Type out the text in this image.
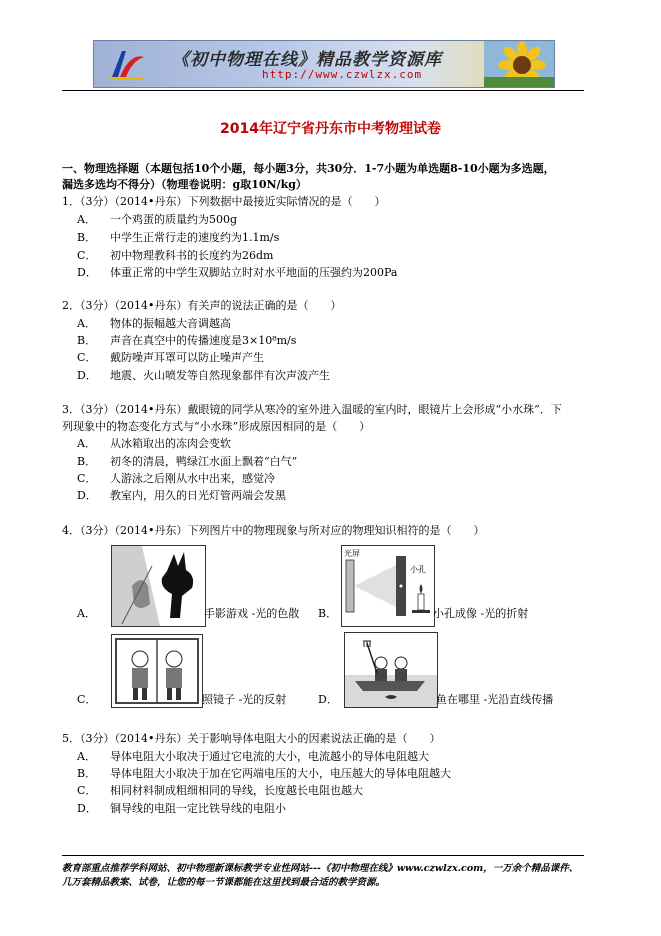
《初中物理在线》精品教学资源库
http://www.czwlzx.com
2014年辽宁省丹东市中考物理试卷
一、物理选择题（本题包括10个小题，每小题3分，共30分．1-7小题为单选题8-10小题为多选题，
漏选多选均不得分）（物理卷说明：g取10N/kg）
1．（3分）（2014•丹东）下列数据中最接近实际情况的是（　　）
A． 一个鸡蛋的质量约为500g
B． 中学生正常行走的速度约为1.1m/s
C． 初中物理教科书的长度约为26dm
D． 体重正常的中学生双脚站立时对水平地面的压强约为200Pa
2．（3分）（2014•丹东）有关声的说法正确的是（　　）
A． 物体的振幅越大音调越高
B． 声音在真空中的传播速度是3×10⁸m/s
C． 戴防噪声耳罩可以防止噪声产生
D． 地震、火山喷发等自然现象都伴有次声波产生
3．（3分）（2014•丹东）戴眼镜的同学从寒冷的室外进入温暖的室内时，眼镜片上会形成“小水珠”．下
列现象中的物态变化方式与“小水珠”形成原因相同的是（　　）
A． 从冰箱取出的冻肉会变软
B． 初冬的清晨，鸭绿江水面上飘着“白气”
C． 人游泳之后刚从水中出来，感觉冷
D． 教室内，用久的日光灯管两端会发黑
4．（3分）（2014•丹东）下列图片中的物理现象与所对应的物理知识相符的是（　　）
A．	手影游戏 -光的色散
光屏
小孔
B．	小孔成像 -光的折射
C．	照镜子 -光的反射	D．	鱼在哪里 -光沿直线传播
5．（3分）（2014•丹东）关于影响导体电阻大小的因素说法正确的是（　　）
A． 导体电阻大小取决于通过它电流的大小，电流越小的导体电阻越大
B． 导体电阻大小取决于加在它两端电压的大小，电压越大的导体电阻越大
C． 相同材料制成粗细相同的导线，长度越长电阻也越大
D． 铜导线的电阻一定比铁导线的电阻小
教育部重点推荐学科网站、初中物理新课标教学专业性网站---《初中物理在线》www.czwlzx.com，一万余个精品课件、
几万套精品教案、试卷，让您的每一节课都能在这里找到最合适的教学资源。
